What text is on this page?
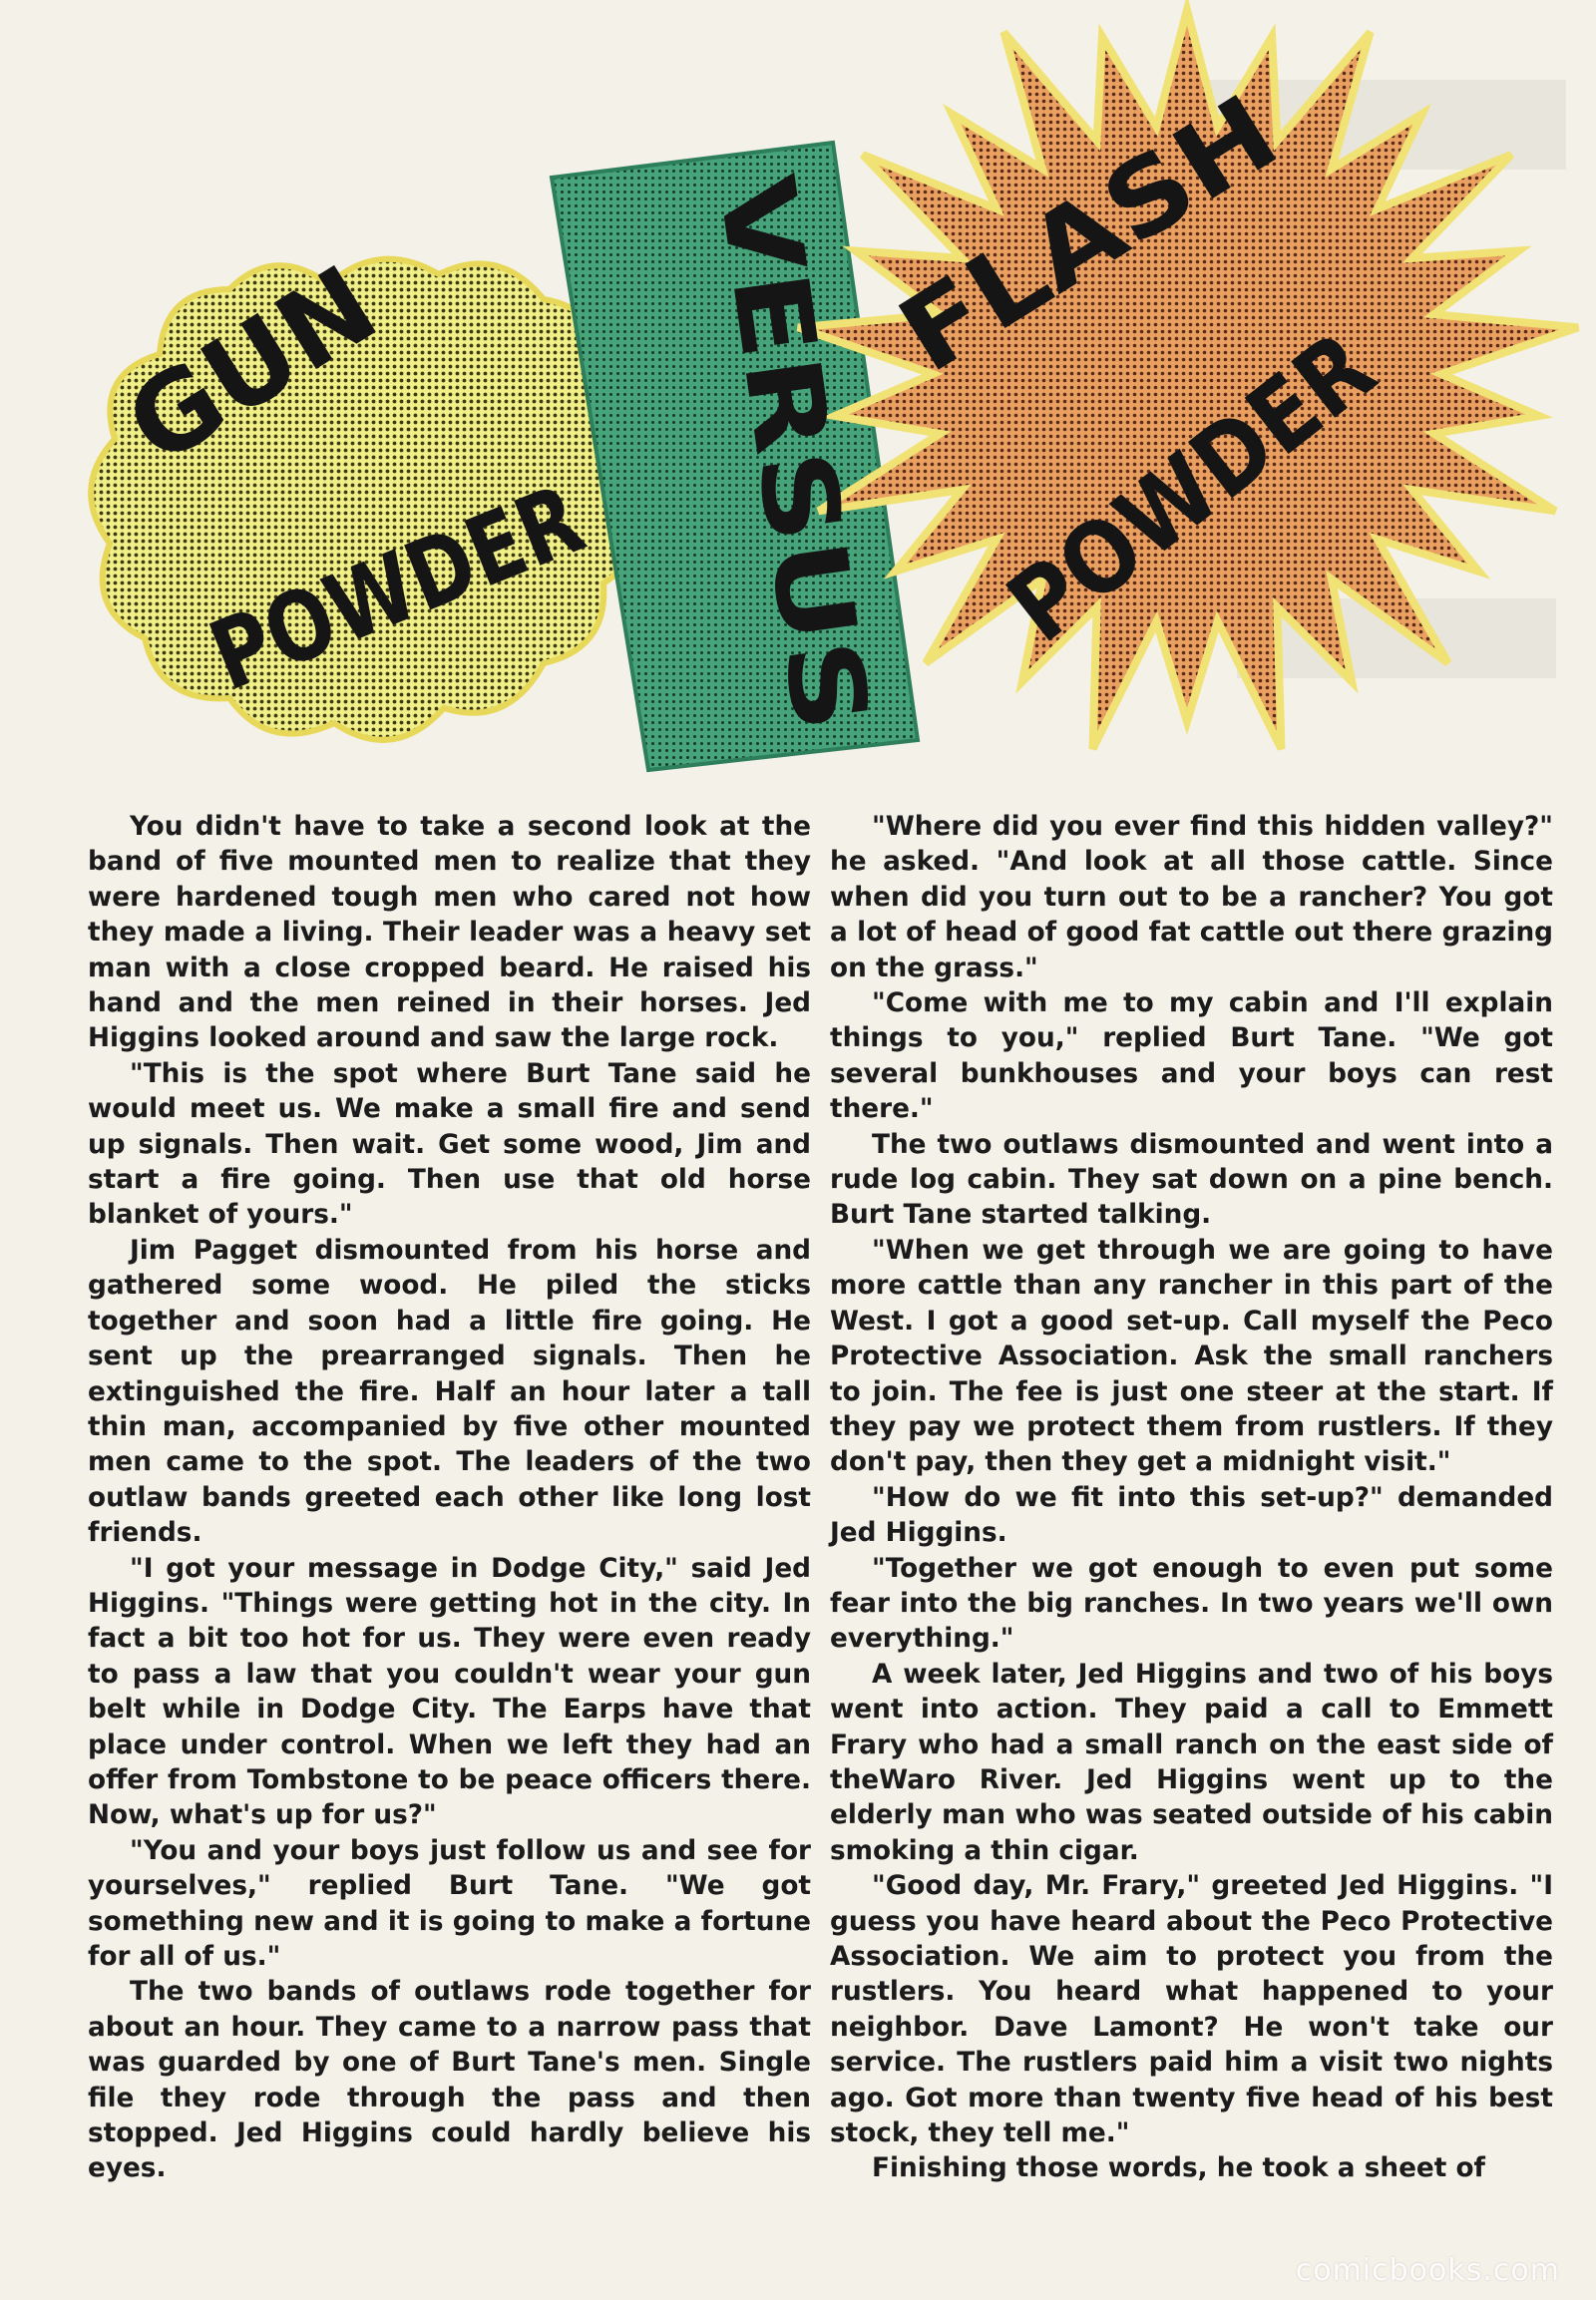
GUN
POWDER VERSUS
FLASH
POWDER

You didn't have to take a second look at the band of five mounted men to realize that they were hardened tough men who cared not how they made a living. Their leader was a heavy set man with a close cropped beard. He raised his hand and the men reined in their horses. Jed Higgins looked around and saw the large rock.

"This is the spot where Burt Tane said he would meet us. We make a small fire and send up signals. Then wait. Get some wood, Jim and start a fire going. Then use that old horse blanket of yours."

Jim Pagget dismounted from his horse and gathered some wood. He piled the sticks together and soon had a little fire going. He sent up the prearranged signals. Then he extinguished the fire. Half an hour later a tall thin man, accompanied by five other mounted men came to the spot. The leaders of the two outlaw bands greeted each other like long lost friends.

"I got your message in Dodge City," said Jed Higgins. "Things were getting hot in the city. In fact a bit too hot for us. They were even ready to pass a law that you couldn't wear your gun belt while in Dodge City. The Earps have that place under control. When we left they had an offer from Tombstone to be peace officers there. Now, what's up for us?"

"You and your boys just follow us and see for yourselves," replied Burt Tane. "We got something new and it is going to make a fortune for all of us."

The two bands of outlaws rode together for about an hour. They came to a narrow pass that was guarded by one of Burt Tane's men. Single file they rode through the pass and then stopped. Jed Higgins could hardly believe his eyes.

"Where did you ever find this hidden valley?" he asked. "And look at all those cattle. Since when did you turn out to be a rancher? You got a lot of head of good fat cattle out there grazing on the grass."

"Come with me to my cabin and I'll explain things to you," replied Burt Tane. "We got several bunkhouses and your boys can rest there."

The two outlaws dismounted and went into a rude log cabin. They sat down on a pine bench. Burt Tane started talking.

"When we get through we are going to have more cattle than any rancher in this part of the West. I got a good set-up. Call myself the Peco Protective Association. Ask the small ranchers to join. The fee is just one steer at the start. If they pay we protect them from rustlers. If they don't pay, then they get a midnight visit."

"How do we fit into this set-up?" demanded Jed Higgins.

"Together we got enough to even put some fear into the big ranches. In two years we'll own everything."

A week later, Jed Higgins and two of his boys went into action. They paid a call to Emmett Frary who had a small ranch on the east side of theWaro River. Jed Higgins went up to the elderly man who was seated outside of his cabin smoking a thin cigar.

"Good day, Mr. Frary," greeted Jed Higgins. "I guess you have heard about the Peco Protective Association. We aim to protect you from the rustlers. You heard what happened to your neighbor. Dave Lamont? He won't take our service. The rustlers paid him a visit two nights ago. Got more than twenty five head of his best stock, they tell me."

Finishing those words, he took a sheet of

comicbooks.com
